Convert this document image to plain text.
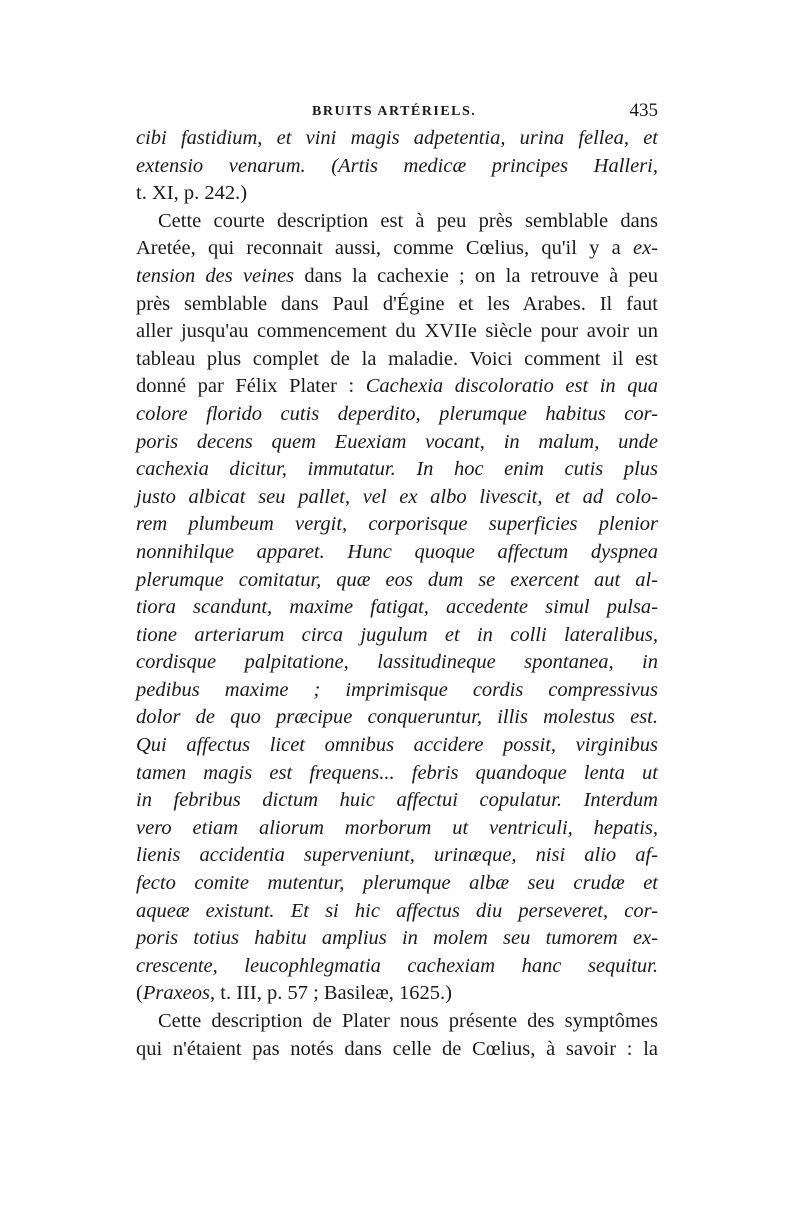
BRUITS ARTÉRIELS.	435
cibi fastidium, et vini magis adpetentia, urina fellea, et
extensio venarum. (Artis medicæ principes Halleri,
t. XI, p. 242.)
Cette courte description est à peu près semblable dans
Aretée, qui reconnait aussi, comme Cœlius, qu'il y a ex-
tension des veines dans la cachexie ; on la retrouve à peu
près semblable dans Paul d'Égine et les Arabes. Il faut
aller jusqu'au commencement du XVIIe siècle pour avoir un
tableau plus complet de la maladie. Voici comment il est
donné par Félix Plater : Cachexia discoloratio est in qua
colore florido cutis deperdito, plerumque habitus cor-
poris decens quem Euexiam vocant, in malum, unde
cachexia dicitur, immutatur. In hoc enim cutis plus
justo albicat seu pallet, vel ex albo livescit, et ad colo-
rem plumbeum vergit, corporisque superficies plenior
nonnihilque apparet. Hunc quoque affectum dyspnea
plerumque comitatur, quæ eos dum se exercent aut al-
tiora scandunt, maxime fatigat, accedente simul pulsa-
tione arteriarum circa jugulum et in colli lateralibus,
cordisque palpitatione, lassitudineque spontanea, in
pedibus maxime ; imprimisque cordis compressivus
dolor de quo præcipue conqueruntur, illis molestus est.
Qui affectus licet omnibus accidere possit, virginibus
tamen magis est frequens... febris quandoque lenta ut
in febribus dictum huic affectui copulatur. Interdum
vero etiam aliorum morborum ut ventriculi, hepatis,
lienis accidentia superveniunt, urinæque, nisi alio af-
fecto comite mutentur, plerumque albæ seu crudæ et
aqueæ existunt. Et si hic affectus diu perseveret, cor-
poris totius habitu amplius in molem seu tumorem ex-
crescente, leucophlegmatia cachexiam hanc sequitur.
(Praxeos, t. III, p. 57 ; Basileæ, 1625.)
Cette description de Plater nous présente des symptômes
qui n'étaient pas notés dans celle de Cœlius, à savoir : la
